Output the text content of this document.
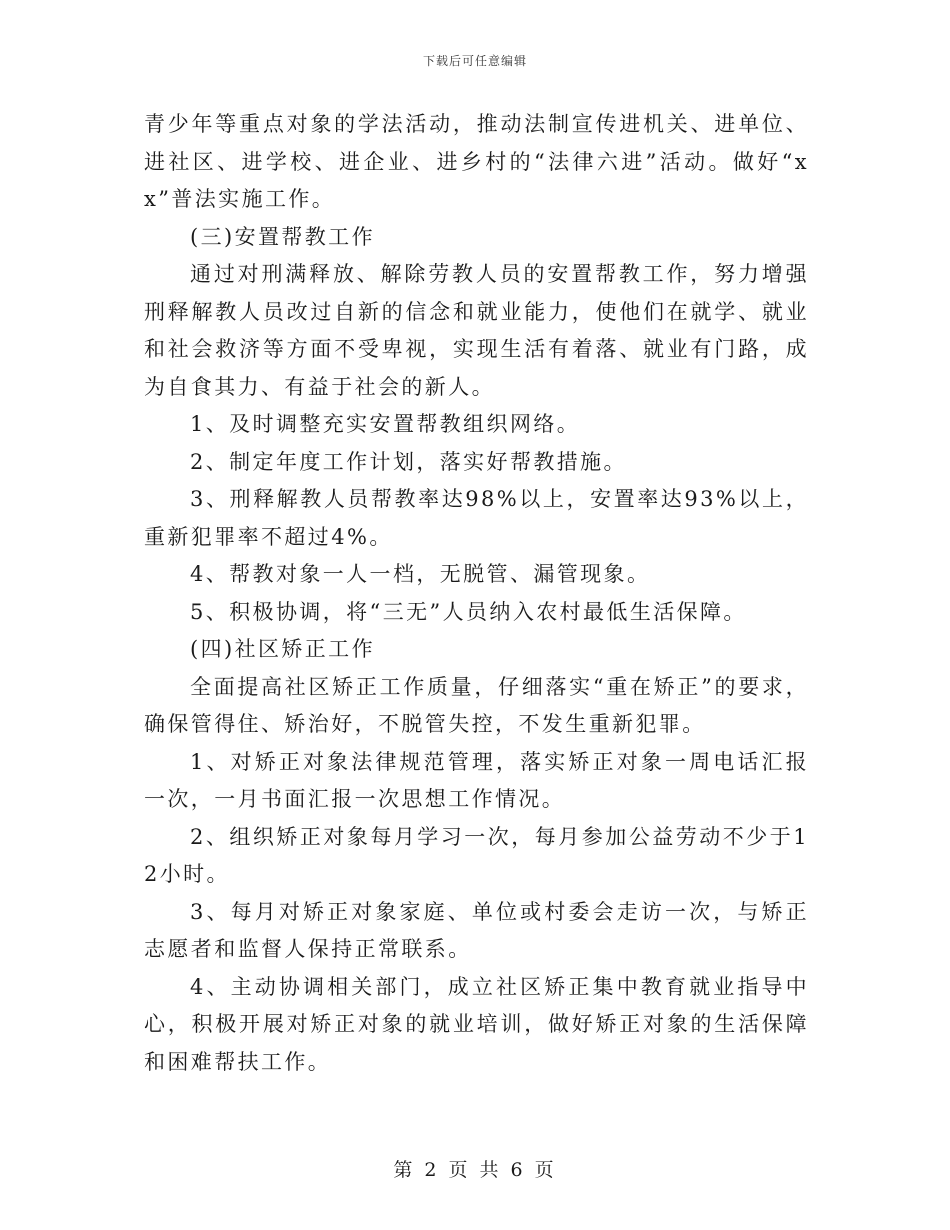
下载后可任意编辑

青少年等重点对象的学法活动，推动法制宣传进机关、进单位、进社区、进学校、进企业、进乡村的“法律六进”活动。做好“xx”普法实施工作。

(三)安置帮教工作

通过对刑满释放、解除劳教人员的安置帮教工作，努力增强刑释解教人员改过自新的信念和就业能力，使他们在就学、就业和社会救济等方面不受卑视，实现生活有着落、就业有门路，成为自食其力、有益于社会的新人。

1、及时调整充实安置帮教组织网络。

2、制定年度工作计划，落实好帮教措施。

3、刑释解教人员帮教率达98%以上，安置率达93%以上，重新犯罪率不超过4%。

4、帮教对象一人一档，无脱管、漏管现象。

5、积极协调，将“三无”人员纳入农村最低生活保障。

(四)社区矫正工作

全面提高社区矫正工作质量，仔细落实“重在矫正”的要求，确保管得住、矫治好，不脱管失控，不发生重新犯罪。

1、对矫正对象法律规范管理，落实矫正对象一周电话汇报一次，一月书面汇报一次思想工作情况。

2、组织矫正对象每月学习一次，每月参加公益劳动不少于12小时。

3、每月对矫正对象家庭、单位或村委会走访一次，与矫正志愿者和监督人保持正常联系。

4、主动协调相关部门，成立社区矫正集中教育就业指导中心，积极开展对矫正对象的就业培训，做好矫正对象的生活保障和困难帮扶工作。

第 2 页 共 6 页
